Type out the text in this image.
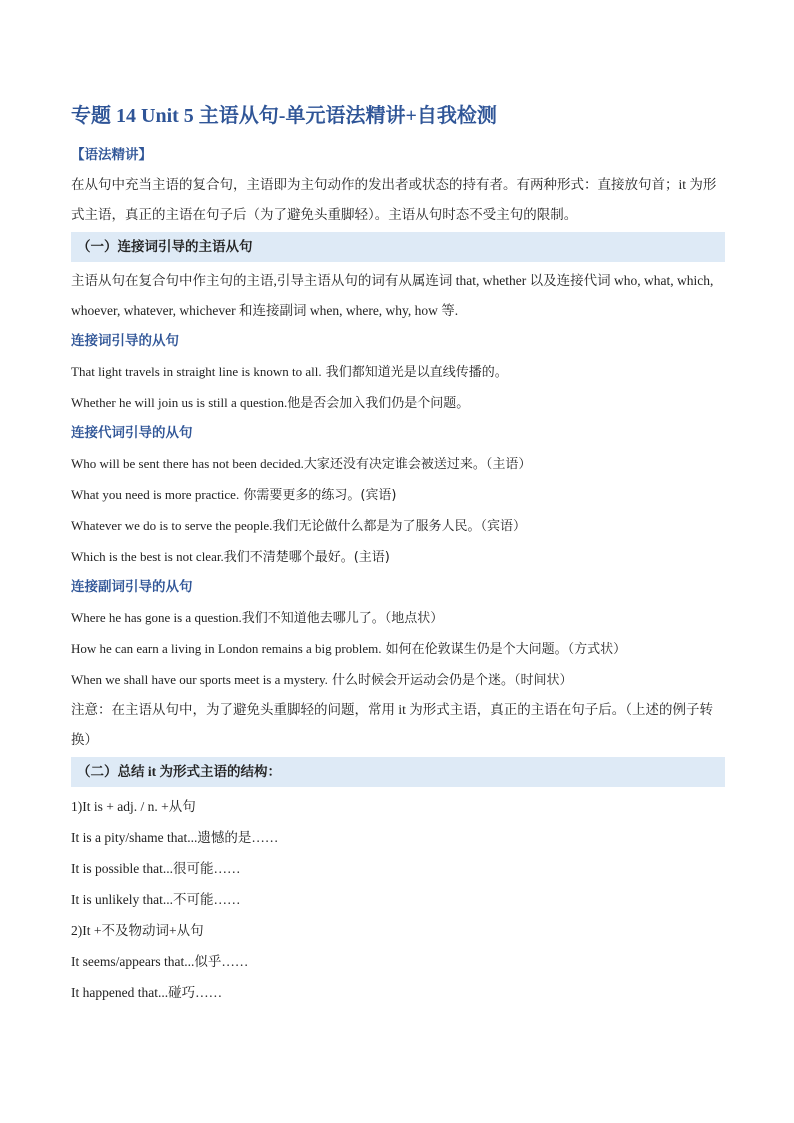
专题 14 Unit 5 主语从句-单元语法精讲+自我检测
【语法精讲】

在从句中充当主语的复合句，主语即为主句动作的发出者或状态的持有者。有两种形式：直接放句首；it 为形式主语，真正的主语在句子后（为了避免头重脚轻）。主语从句时态不受主句的限制。

（一）连接词引导的主语从句

主语从句在复合句中作主句的主语,引导主语从句的词有从属连词 that, whether 以及连接代词 who, what, which, whoever, whatever, whichever 和连接副词 when, where, why, how 等.

连接词引导的从句
That light travels in straight line is known to all. 我们都知道光是以直线传播的。
Whether he will join us is still a question.他是否会加入我们仍是个问题。
连接代词引导的从句
Who will be sent there has not been decided.大家还没有决定谁会被送过来。（主语）
What you need is more practice. 你需要更多的练习。(宾语)
Whatever we do is to serve the people.我们无论做什么都是为了服务人民。（宾语）
Which is the best is not clear.我们不清楚哪个最好。(主语)
连接副词引导的从句
Where he has gone is a question.我们不知道他去哪儿了。（地点状）
How he can earn a living in London remains a big problem. 如何在伦敦谋生仍是个大问题。（方式状）
When we shall have our sports meet is a mystery. 什么时候会开运动会仍是个迷。（时间状）

注意：在主语从句中，为了避免头重脚轻的问题，常用 it 为形式主语，真正的主语在句子后。（上述的例子转换）

（二）总结 it 为形式主语的结构：
1)It is + adj. / n. +从句
It is a pity/shame that...遗憾的是……
It is possible that...很可能……
It is unlikely that...不可能……
2)It +不及物动词+从句
It seems/appears that...似乎……
It happened that...碰巧……
